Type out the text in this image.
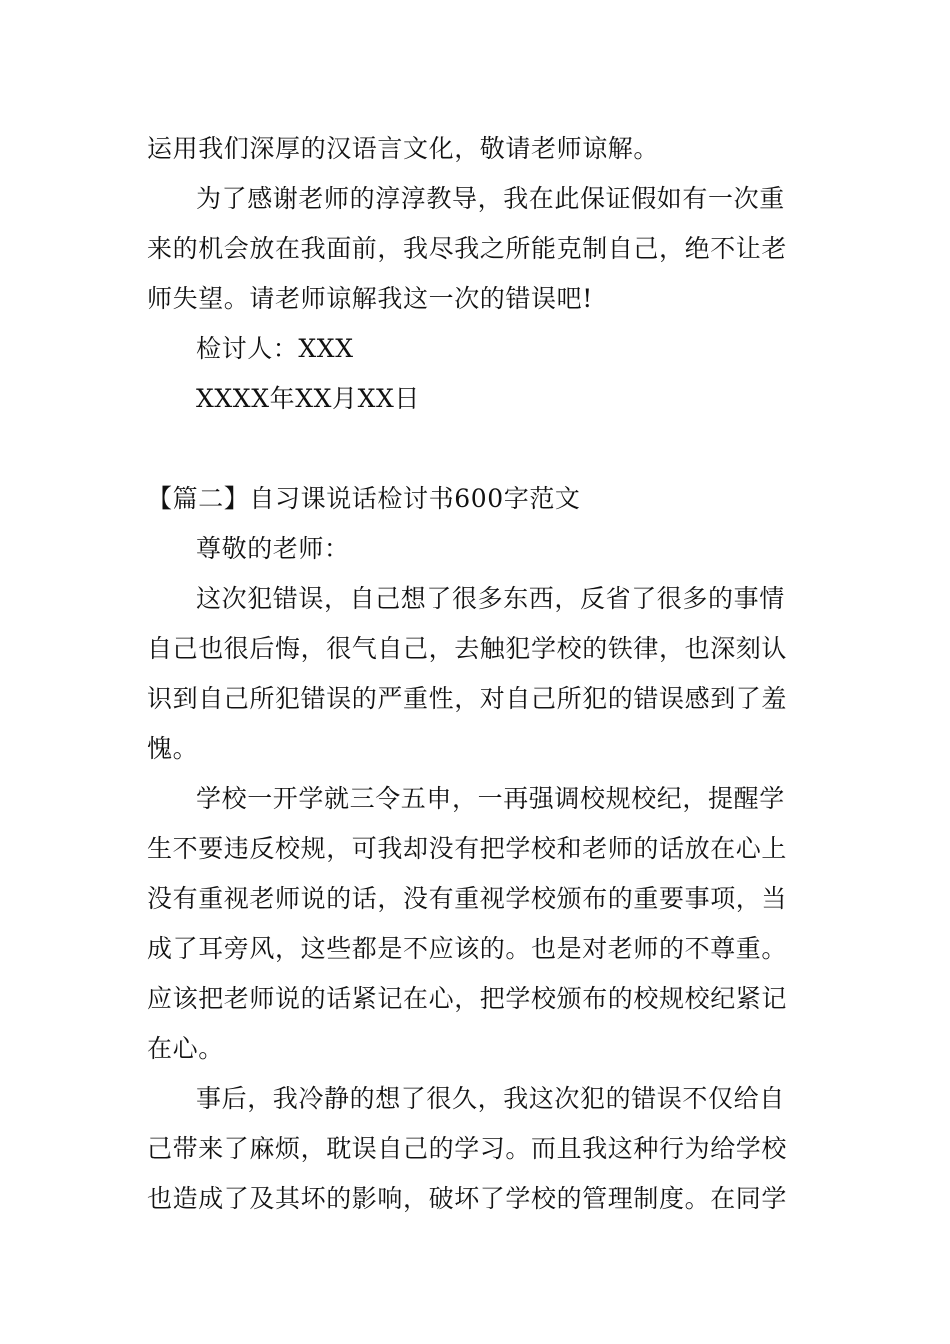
运用我们深厚的汉语言文化，敬请老师谅解。
为了感谢老师的淳淳教导，我在此保证假如有一次重
来的机会放在我面前，我尽我之所能克制自己，绝不让老
师失望。请老师谅解我这一次的错误吧!
检讨人：XXX
XXXX年XX月XX日
【篇二】自习课说话检讨书600字范文
尊敬的老师：
这次犯错误，自己想了很多东西，反省了很多的事情
自己也很后悔，很气自己，去触犯学校的铁律，也深刻认
识到自己所犯错误的严重性，对自己所犯的错误感到了羞
愧。
学校一开学就三令五申，一再强调校规校纪，提醒学
生不要违反校规，可我却没有把学校和老师的话放在心上
没有重视老师说的话，没有重视学校颁布的重要事项，当
成了耳旁风，这些都是不应该的。也是对老师的不尊重。
应该把老师说的话紧记在心，把学校颁布的校规校纪紧记
在心。
事后，我冷静的想了很久，我这次犯的错误不仅给自
己带来了麻烦，耽误自己的学习。而且我这种行为给学校
也造成了及其坏的影响，破坏了学校的管理制度。在同学
